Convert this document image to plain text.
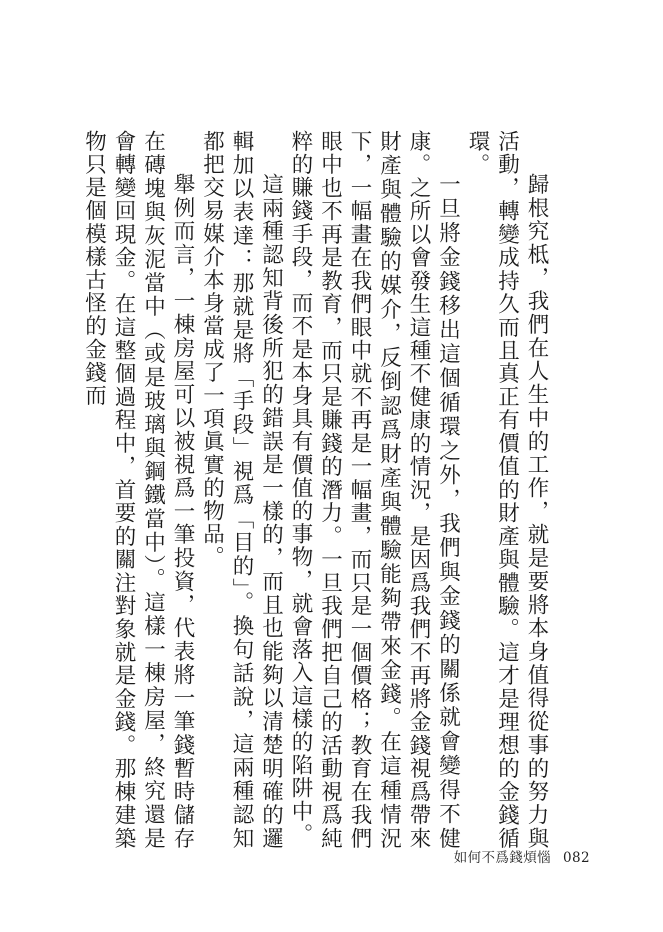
歸根究柢，我們在人生中的工作，就是要將本身值得從事的努力與活動，轉變成持久而且真正有價值的財產與體驗。這才是理想的金錢循環。

一旦將金錢移出這個循環之外，我們與金錢的關係就會變得不健康。之所以會發生這種不健康的情況，是因爲我們不再將金錢視爲帶來財產與體驗的媒介，反倒認爲財產與體驗能夠帶來金錢。在這種情況下，一幅畫在我們眼中就不再是一幅畫，而只是一個價格；教育在我們眼中也不再是教育，而只是賺錢的潛力。一旦我們把自己的活動視爲純粹的賺錢手段，而不是本身具有價值的事物，就會落入這樣的陷阱中。

這兩種認知背後所犯的錯誤是一樣的，而且也能夠以清楚明確的邏輯加以表達：那就是將「手段」視爲「目的」。換句話說，這兩種認知都把交易媒介本身當成了一項眞實的物品。

舉例而言，一棟房屋可以被視爲一筆投資，代表將一筆錢暫時儲存在磚塊與灰泥當中（或是玻璃與鋼鐵當中）。這樣一棟房屋，終究還是會轉變回現金。在這整個過程中，首要的關注對象就是金錢。那棟建築物只是個模樣古怪的金錢而

如何不爲錢煩惱 082
